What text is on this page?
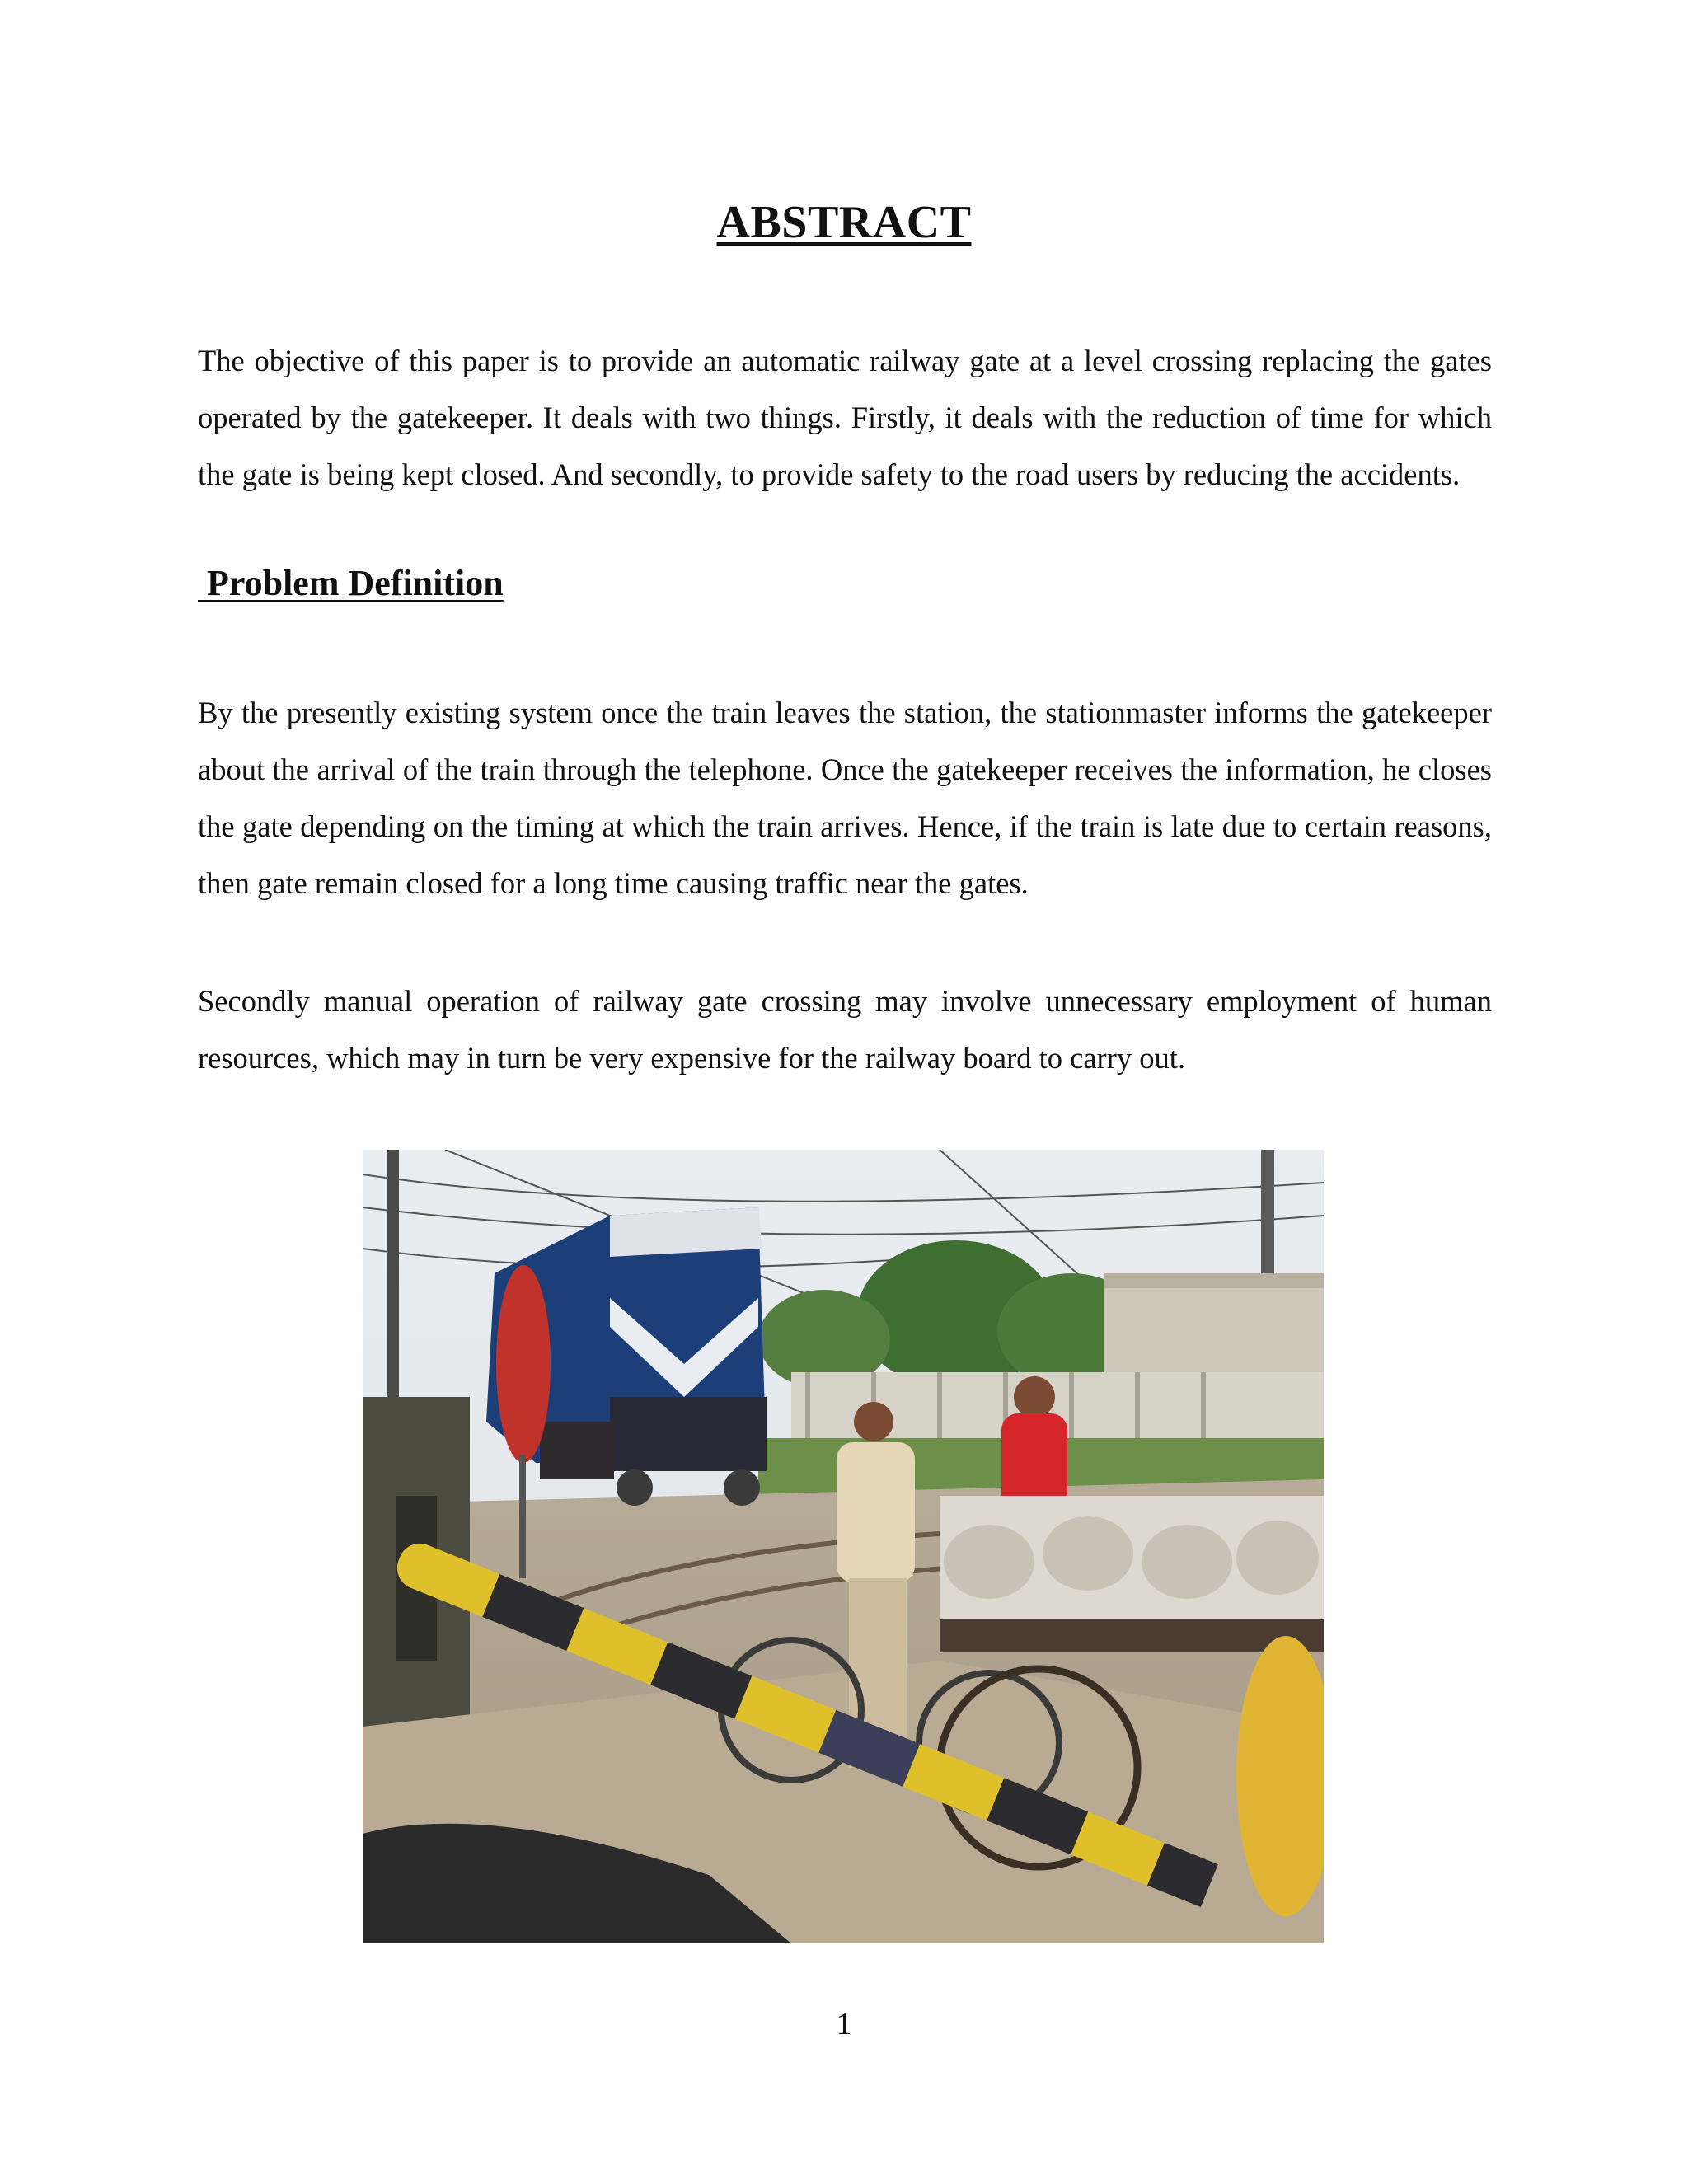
ABSTRACT

The objective of this paper is to provide an automatic railway gate at a level crossing replacing the gates operated by the gatekeeper. It deals with two things. Firstly, it deals with the reduction of time for which the gate is being kept closed. And secondly, to provide safety to the road users by reducing the accidents.

Problem Definition

By the presently existing system once the train leaves the station, the stationmaster informs the gatekeeper about the arrival of the train through the telephone. Once the gatekeeper receives the information, he closes the gate depending on the timing at which the train arrives. Hence, if the train is late due to certain reasons, then gate remain closed for a long time causing traffic near the gates.

Secondly manual operation of railway gate crossing may involve unnecessary employment of human resources, which may in turn be very expensive for the railway board to carry out.

1
